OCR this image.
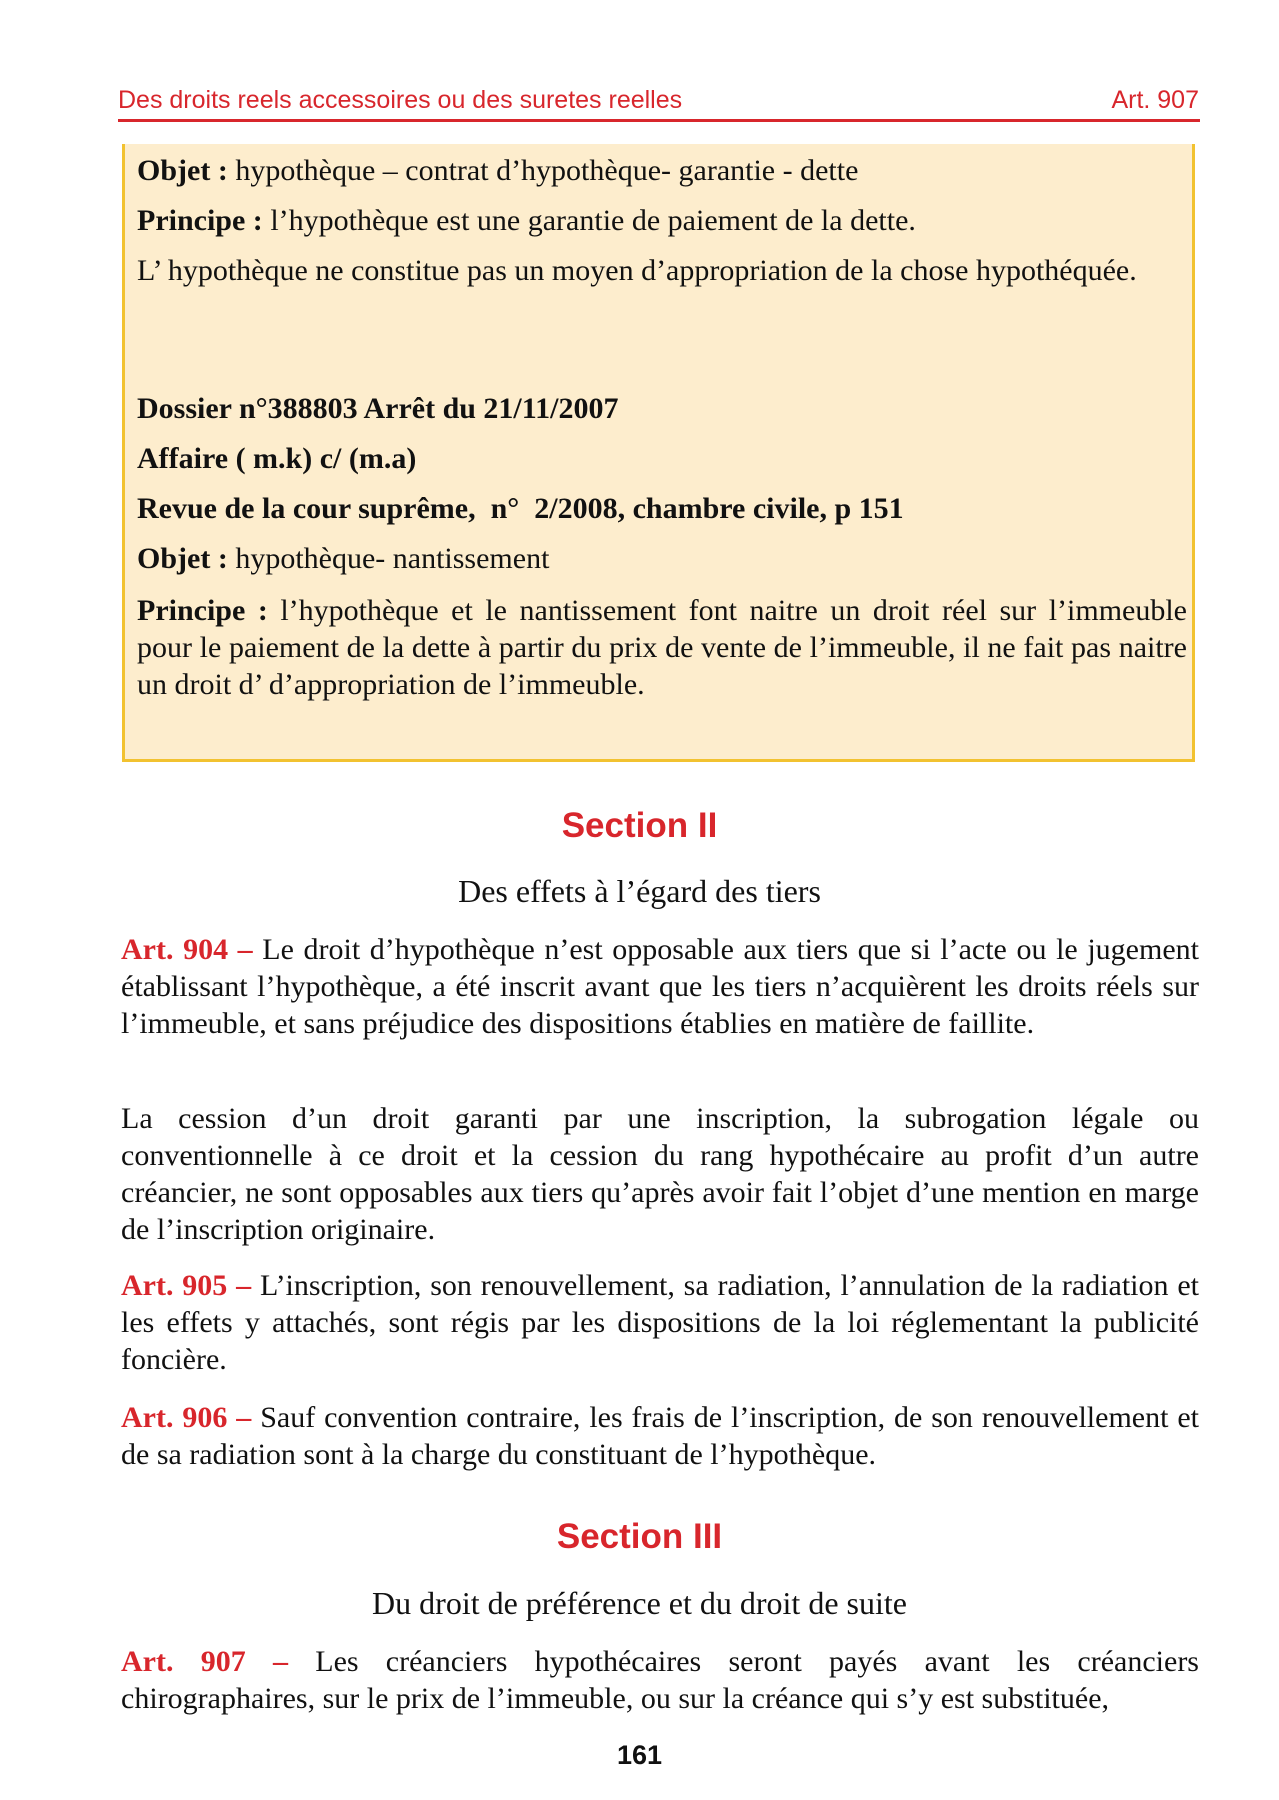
Des droits reels accessoires ou des suretes reelles	Art. 907
Objet : hypothèque – contrat d’hypothèque- garantie - dette
Principe : l’hypothèque est une garantie de paiement de la dette.
L’ hypothèque ne constitue pas un moyen d’appropriation de la chose hypothéquée.
Dossier n°388803 Arrêt du 21/11/2007
Affaire ( m.k) c/ (m.a)
Revue de la cour suprême,  n°  2/2008, chambre civile, p 151
Objet : hypothèque- nantissement
Principe : l’hypothèque et le nantissement font naitre un droit réel sur l’immeuble pour le paiement de la dette à partir du prix de vente de l’immeuble, il ne fait pas naitre un droit d’ d’appropriation de l’immeuble.
Section II
Des effets à l’égard des tiers
Art. 904 – Le droit d’hypothèque n’est opposable aux tiers que si l’acte ou le jugement établissant l’hypothèque, a été inscrit avant que les tiers n’acquièrent les droits réels sur l’immeuble, et sans préjudice des dispositions établies en matière de faillite.
La cession d’un droit garanti par une inscription, la subrogation légale ou conventionnelle à ce droit et la cession du rang hypothécaire au profit d’un autre créancier, ne sont opposables aux tiers qu’après avoir fait l’objet d’une mention en marge de l’inscription originaire.
Art. 905 – L’inscription, son renouvellement, sa radiation, l’annulation de la radiation et les effets y attachés, sont régis par les dispositions de la loi réglementant la publicité foncière.
Art. 906 – Sauf convention contraire, les frais de l’inscription, de son renouvellement et de sa radiation sont à la charge du constituant de l’hypothèque.
Section III
Du droit de préférence et du droit de suite
Art. 907 – Les créanciers hypothécaires seront payés avant les créanciers chirographaires, sur le prix de l’immeuble, ou sur la créance qui s’y est substituée,
161
